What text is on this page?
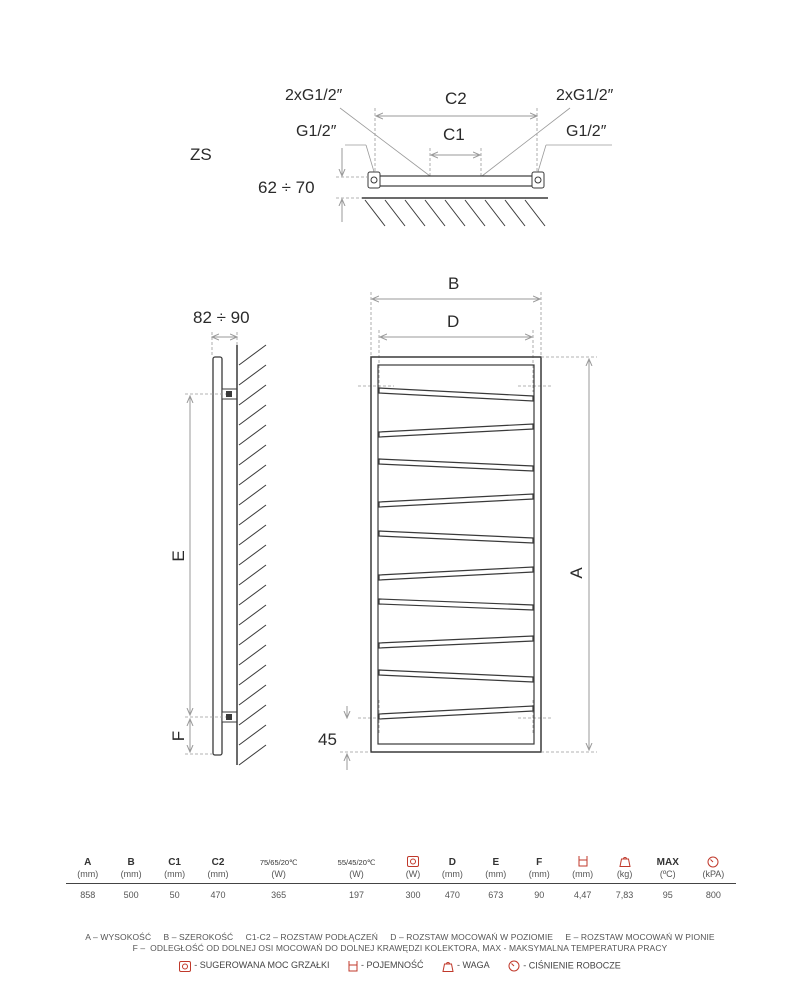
ZS
2xG1/2″	2xG1/2″
C2
C1
G1/2″	G1/2″
62 ÷ 70
82 ÷ 90
E
F
B
D
A
45
A	B	C1	C2	75/65/20℃	55/45/20℃		D	E	F			MAX	
(mm)	(mm)	(mm)	(mm)	(W)	(W)	(W)	(mm)	(mm)	(mm)	(mm)	(kg)	(ºC)	(kPA)
858	500	50	470	365	197	300	470	673	90	4,47	7,83	95	800
A – WYSOKOŚĆ     B – SZEROKOŚĆ     C1-C2 – ROZSTAW PODŁĄCZEŃ     D – ROZSTAW MOCOWAŃ W POZIOMIE     E – ROZSTAW MOCOWAŃ W PIONIE
F –  ODLEGŁOŚĆ OD DOLNEJ OSI MOCOWAŃ DO DOLNEJ KRAWĘDZI KOLEKTORA, MAX - MAKSYMALNA TEMPERATURA PRACY
- SUGEROWANA MOC GRZAŁKI	- POJEMNOŚĆ	- WAGA	- CIŚNIENIE ROBOCZE
